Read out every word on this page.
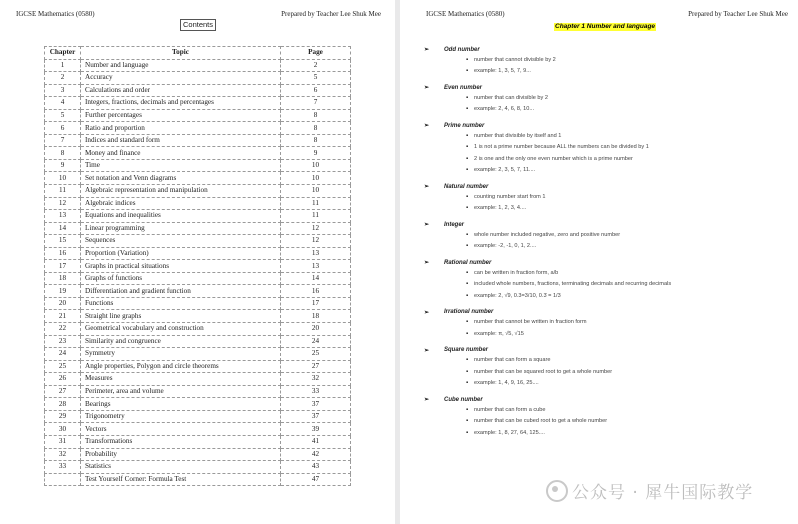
IGCSE Mathematics (0580)	Prepared by Teacher Lee Shuk Mee
Contents
Chapter	Topic	Page
1	Number and language	2
2	Accuracy	5
3	Calculations and order	6
4	Integers, fractions, decimals and percentages	7
5	Further percentages	8
6	Ratio and proportion	8
7	Indices and standard form	8
8	Money and finance	9
9	Time	10
10	Set notation and Venn diagrams	10
11	Algebraic representation and manipulation	10
12	Algebraic indices	11
13	Equations and inequalities	11
14	Linear programming	12
15	Sequences	12
16	Proportion (Variation)	13
17	Graphs in practical situations	13
18	Graphs of functions	14
19	Differentiation and gradient function	16
20	Functions	17
21	Straight line graphs	18
22	Geometrical vocabulary and construction	20
23	Similarity and congruence	24
24	Symmetry	25
25	Angle properties, Polygon and circle theorems	27
26	Measures	32
27	Perimeter, area and volume	33
28	Bearings	37
29	Trigonometry	37
30	Vectors	39
31	Transformations	41
32	Probability	42
33	Statistics	43
	Test Yourself Corner: Formula Test	47
IGCSE Mathematics (0580)	Prepared by Teacher Lee Shuk Mee
Chapter 1 Number and language
➢	Odd number
▪	number that cannot divisible by 2
▪	example: 1, 3, 5, 7, 9...
➢	Even number
▪	number that can divisible by 2
▪	example: 2, 4, 6, 8, 10...
➢	Prime number
▪	number that divisible by itself and 1
▪	1 is not a prime number because ALL the numbers can be divided by 1
▪	2 is one and the only one even number which is a prime number
▪	example: 2, 3, 5, 7, 11....
➢	Natural number
▪	counting number start from 1
▪	example: 1, 2, 3, 4....
➢	Integer
▪	whole number included negative, zero and positive number
▪	example: -2, -1, 0, 1, 2....
➢	Rational number
▪	can be written in fraction form, a/b
▪	included whole numbers, fractions, terminating decimals and recurring decimals
▪	example: 2, √9, 0.3=3/10, 0.3̇ = 1/3
➢	Irrational number
▪	number that cannot be written in fraction form
▪	example: π, √5, √15
➢	Square number
▪	number that can form a square
▪	number that can be squared root to get a whole number
▪	example: 1, 4, 9, 16, 25....
➢	Cube number
▪	number that can form a cube
▪	number that can be cubed root to get a whole number
▪	example: 1, 8, 27, 64, 125....
公众号 · 犀牛国际教学
